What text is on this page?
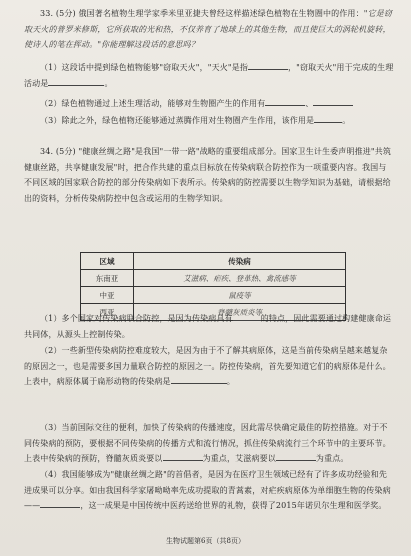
33. (5分) 俄国著名植物生理学家季米里亚捷夫曾经这样描述绿色植物在生物圈中的作用："它是窃取天火的普罗米修斯，它所获取的光和热，不仅养育了地球上的其他生物，而且使巨大的涡轮机旋转，使诗人的笔在挥动。"你能理解这段话的意思吗？

（1）这段话中提到绿色植物能够"窃取天火"，"天火"是指	，"窃取天火"用于完成的生理活动是	。

（2）绿色植物通过上述生理活动，能够对生物圈产生的作用有	、

（3）除此之外，绿色植物还能够通过蒸腾作用对生物圈产生作用，该作用是	。

34. (5分) "健康丝绸之路"是我国"一带一路"战略的重要组成部分。国家卫生计生委声明推进"共筑健康丝路，共享健康发展"时，把合作共建的重点目标放在传染病联合防控作为一项重要内容。我国与不同区域的国家联合防控的部分传染病如下表所示。传染病的防控需要以生物学知识为基础，请根据给出的资料，分析传染病防控中包含或运用的生物学知识。

区域	传染病
东南亚	艾滋病、疟疾、登革热、禽流感等
中亚	鼠疫等
西亚	脊髓灰质炎等

（1）多个国家对传染病联合防控，是因为传染病具有	的特点，因此需要通过构建健康命运共同体，从源头上控制传染。

（2）一些新型传染病防控难度较大，是因为由于不了解其病原体，这是当前传染病呈越来越复杂的原因之一，也是需要多国力量联合防控的原因之一。防控传染病，首先要知道它们的病原体是什么。上表中，病原体属于扁形动物的传染病是	。

（3）当前国际交往的便利，加快了传染病的传播速度，因此需尽快确定最佳的防控措施。对于不同传染病的预防，要根据不同传染病的传播方式和流行情况，抓住传染病流行三个环节中的主要环节。上表中传染病的预防，脊髓灰质炎要以	为重点，艾滋病要以	为重点。

（4）我国能够成为"健康丝绸之路"的首倡者，是因为在医疗卫生领域已经有了许多成功经验和先进成果可以分享。如由我国科学家屠呦呦率先成功提取的青蒿素，对疟疾病原体为单细胞生物的传染病——	，这一成果是中国传统中医药送给世界的礼物，获得了2015年诺贝尔生理和医学奖。

生物试题第6页（共8页）
